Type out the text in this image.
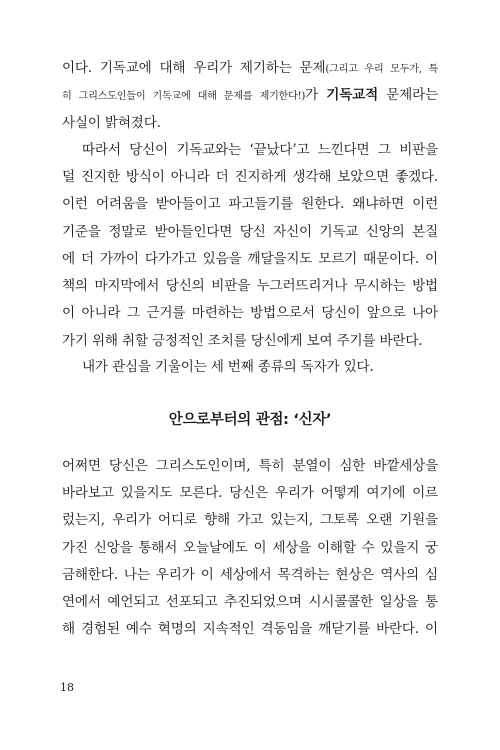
이다. 기독교에 대해 우리가 제기하는 문제(그리고 우리 모두가, 특
히 그리스도인들이 기독교에 대해 문제를 제기한다!)가 기독교적 문제라는
사실이 밝혀졌다.
따라서 당신이 기독교와는 ‘끝났다’고 느낀다면 그 비판을
덜 진지한 방식이 아니라 더 진지하게 생각해 보았으면 좋겠다.
이런 어려움을 받아들이고 파고들기를 원한다. 왜냐하면 이런
기준을 정말로 받아들인다면 당신 자신이 기독교 신앙의 본질
에 더 가까이 다가가고 있음을 깨달을지도 모르기 때문이다. 이
책의 마지막에서 당신의 비판을 누그러뜨리거나 무시하는 방법
이 아니라 그 근거를 마련하는 방법으로서 당신이 앞으로 나아
가기 위해 취할 긍정적인 조치를 당신에게 보여 주기를 바란다.
내가 관심을 기울이는 세 번째 종류의 독자가 있다.
안으로부터의 관점: ‘신자’
어쩌면 당신은 그리스도인이며, 특히 분열이 심한 바깥세상을
바라보고 있을지도 모른다. 당신은 우리가 어떻게 여기에 이르
렀는지, 우리가 어디로 향해 가고 있는지, 그토록 오랜 기원을
가진 신앙을 통해서 오늘날에도 이 세상을 이해할 수 있을지 궁
금해한다. 나는 우리가 이 세상에서 목격하는 현상은 역사의 심
연에서 예언되고 선포되고 추진되었으며 시시콜콜한 일상을 통
해 경험된 예수 혁명의 지속적인 격동임을 깨닫기를 바란다. 이
18
